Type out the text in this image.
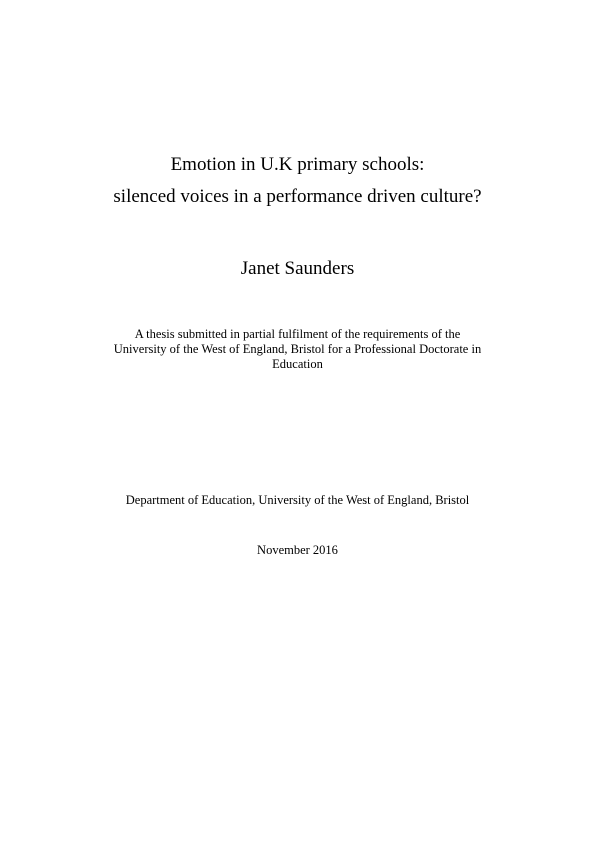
Emotion in U.K primary schools:
silenced voices in a performance driven culture?
Janet Saunders
A thesis submitted in partial fulfilment of the requirements of the
University of the West of England, Bristol for a Professional Doctorate in
Education
Department of Education, University of the West of England, Bristol
November 2016
